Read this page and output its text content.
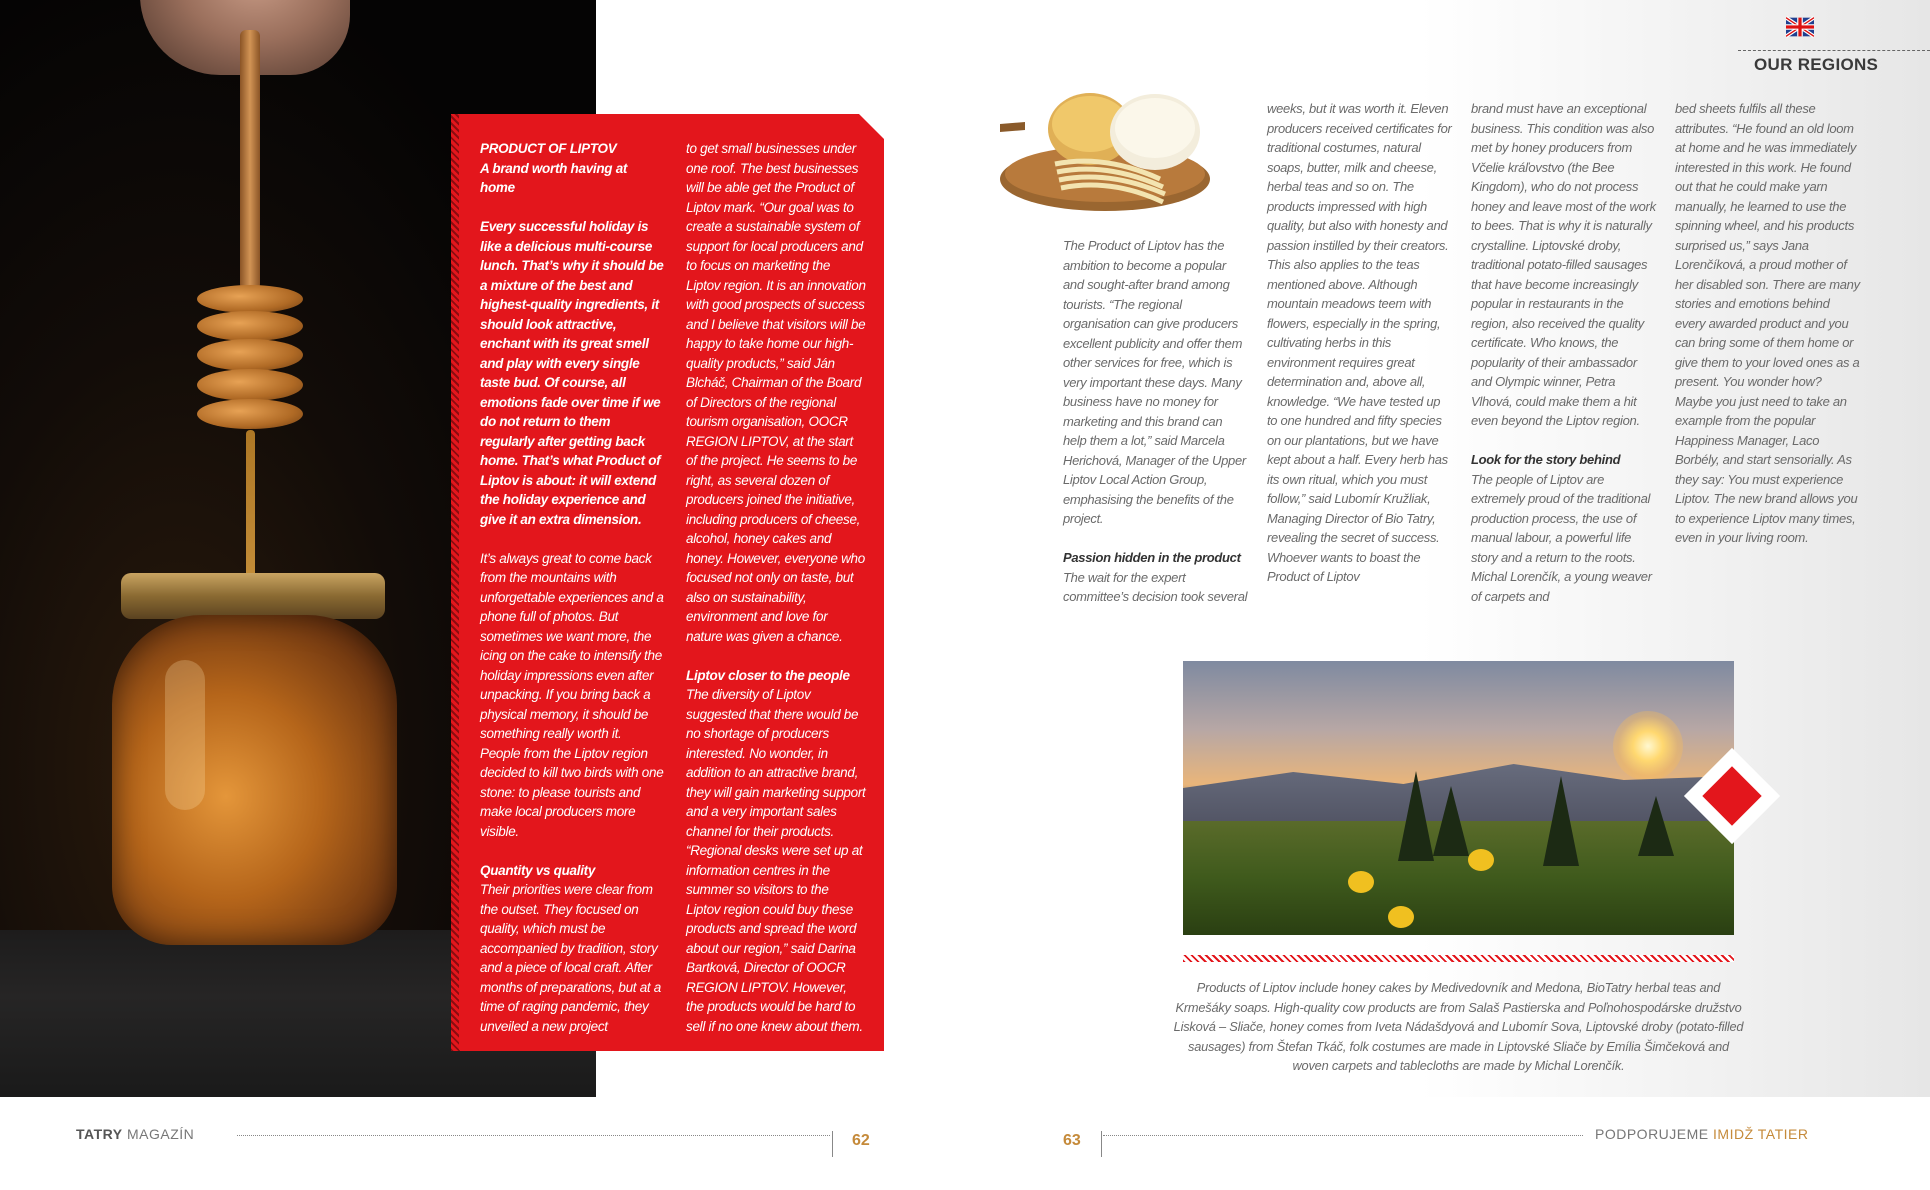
PRODUCT OF LIPTOV

A brand worth having at home

Every successful holiday is like a delicious multi-course lunch. That’s why it should be a mixture of the best and highest-quality ingredients, it should look attractive, enchant with its great smell and play with every single taste bud. Of course, all emotions fade over time if we do not return to them regularly after getting back home. That’s what Product of Liptov is about: it will extend the holiday experience and give it an extra dimension.

It’s always great to come back from the mountains with unforgettable experiences and a phone full of photos. But sometimes we want more, the icing on the cake to intensify the holiday impressions even after unpacking. If you bring back a physical memory, it should be something really worth it. People from the Liptov region decided to kill two birds with one stone: to please tourists and make local producers more visible.

Quantity vs quality

Their priorities were clear from the outset. They focused on quality, which must be accompanied by tradition, story and a piece of local craft. After months of preparations, but at a time of raging pandemic, they unveiled a new project

to get small businesses under one roof. The best businesses will be able get the Product of Liptov mark. “Our goal was to create a sustainable system of support for local producers and to focus on marketing the Liptov region. It is an innovation with good prospects of success and I believe that visitors will be happy to take home our high-quality products,” said Ján Blcháč, Chairman of the Board of Directors of the regional tourism organisation, OOCR REGION LIPTOV, at the start of the project. He seems to be right, as several dozen of producers joined the initiative, including producers of cheese, alcohol, honey cakes and honey. However, everyone who focused not only on taste, but also on sustainability, environment and love for nature was given a chance.

Liptov closer to the people

The diversity of Liptov suggested that there would be no shortage of producers interested. No wonder, in addition to an attractive brand, they will gain marketing support and a very important sales channel for their products. “Regional desks were set up at information centres in the summer so visitors to the Liptov region could buy these products and spread the word about our region,” said Darina Bartková, Director of OOCR REGION LIPTOV. However, the products would be hard to sell if no one knew about them.

OUR REGIONS

The Product of Liptov has the ambition to become a popular and sought-after brand among tourists. “The regional organisation can give producers excellent publicity and offer them other services for free, which is very important these days. Many business have no money for marketing and this brand can help them a lot,” said Marcela Herichová, Manager of the Upper Liptov Local Action Group, emphasising the benefits of the project.

Passion hidden in the product

The wait for the expert committee’s decision took several

weeks, but it was worth it. Eleven producers received certificates for traditional costumes, natural soaps, butter, milk and cheese, herbal teas and so on. The products impressed with high quality, but also with honesty and passion instilled by their creators. This also applies to the teas mentioned above. Although mountain meadows teem with flowers, especially in the spring, cultivating herbs in this environment requires great determination and, above all, knowledge. “We have tested up to one hundred and fifty species on our plantations, but we have kept about a half. Every herb has its own ritual, which you must follow,” said Lubomír Kružliak, Managing Director of Bio Tatry, revealing the secret of success. Whoever wants to boast the Product of Liptov

brand must have an exceptional business. This condition was also met by honey producers from Včelie kráľovstvo (the Bee Kingdom), who do not process honey and leave most of the work to bees. That is why it is naturally crystalline. Liptovské droby, traditional potato-filled sausages that have become increasingly popular in restaurants in the region, also received the quality certificate. Who knows, the popularity of their ambassador and Olympic winner, Petra Vlhová, could make them a hit even beyond the Liptov region.

Look for the story behind

The people of Liptov are extremely proud of the traditional production process, the use of manual labour, a powerful life story and a return to the roots. Michal Lorenčík, a young weaver of carpets and

bed sheets fulfils all these attributes. “He found an old loom at home and he was immediately interested in this work. He found out that he could make yarn manually, he learned to use the spinning wheel, and his products surprised us,” says Jana Lorenčíková, a proud mother of her disabled son. There are many stories and emotions behind every awarded product and you can bring some of them home or give them to your loved ones as a present. You wonder how? Maybe you just need to take an example from the popular Happiness Manager, Laco Borbély, and start sensorially. As they say: You must experience Liptov. The new brand allows you to experience Liptov many times, even in your living room.

Products of Liptov include honey cakes by Medivedovník and Medona, BioTatry herbal teas and Krmešáky soaps. High-quality cow products are from Salaš Pastierska and Poľnohospodárske družstvo Lisková – Sliače, honey comes from Iveta Nádašdyová and Lubomír Sova, Liptovské droby (potato-filled sausages) from Štefan Tkáč, folk costumes are made in Liptovské Sliače by Emília Šimčeková and woven carpets and tablecloths are made by Michal Lorenčík.
TATRY MAGAZÍN	62	63	PODPORUJEME IMIDŽ TATIER
